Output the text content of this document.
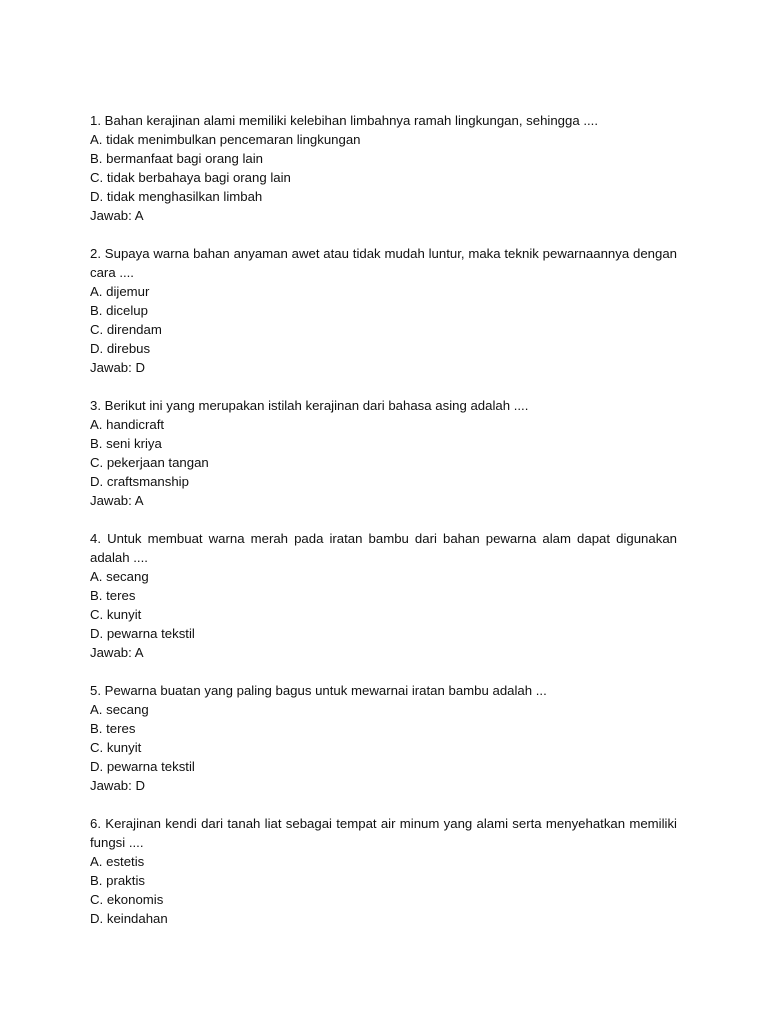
1. Bahan kerajinan alami memiliki kelebihan limbahnya ramah lingkungan, sehingga ....

A. tidak menimbulkan pencemaran lingkungan

B. bermanfaat bagi orang lain

C. tidak berbahaya bagi orang lain

D. tidak menghasilkan limbah

Jawab: A

2. Supaya warna bahan anyaman awet atau tidak mudah luntur, maka teknik pewarnaannya dengan cara ....

A. dijemur

B. dicelup

C. direndam

D. direbus

Jawab: D

3. Berikut ini yang merupakan istilah kerajinan dari bahasa asing adalah ....

A. handicraft

B. seni kriya

C. pekerjaan tangan

D. craftsmanship

Jawab: A

4. Untuk membuat warna merah pada iratan bambu dari bahan pewarna alam dapat digunakan adalah ....

A. secang

B. teres

C. kunyit

D. pewarna tekstil

Jawab: A

5. Pewarna buatan yang paling bagus untuk mewarnai iratan bambu adalah ...

A. secang

B. teres

C. kunyit

D. pewarna tekstil

Jawab: D

6. Kerajinan kendi dari tanah liat sebagai tempat air minum yang alami serta menyehatkan memiliki fungsi ....

A. estetis

B. praktis

C. ekonomis

D. keindahan
